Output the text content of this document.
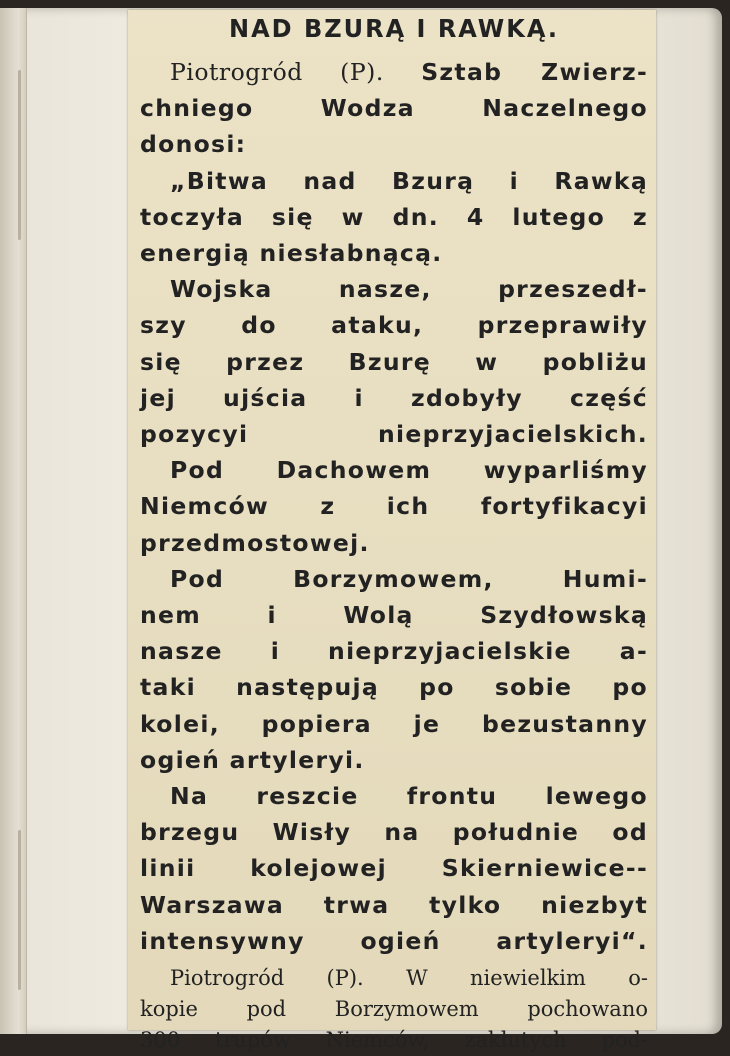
NAD BZURĄ I RAWKĄ.

Piotrogród (P). Sztab Zwierz-
chniego Wodza Naczelnego
donosi:
„Bitwa nad Bzurą i Rawką
toczyła się w dn. 4 lutego z
energią niesłabnącą.
Wojska nasze, przeszedł-
szy do ataku, przeprawiły
się przez Bzurę w pobliżu
jej ujścia i zdobyły część
pozycyi nieprzyjacielskich.
Pod Dachowem wyparliśmy
Niemców z ich fortyfikacyi
przedmostowej.
Pod Borzymowem, Humi-
nem i Wolą Szydłowską
nasze i nieprzyjacielskie a-
taki następują po sobie po
kolei, popiera je bezustanny
ogień artyleryi.
Na reszcie frontu lewego
brzegu Wisły na południe od
linii kolejowej Skierniewice--
Warszawa trwa tylko niezbyt
intensywny ogień artyleryi“.

Piotrogród (P). W niewielkim o-
kopie pod Borzymowem pochowano
300 trupów Niemców, zakłutych pod-
